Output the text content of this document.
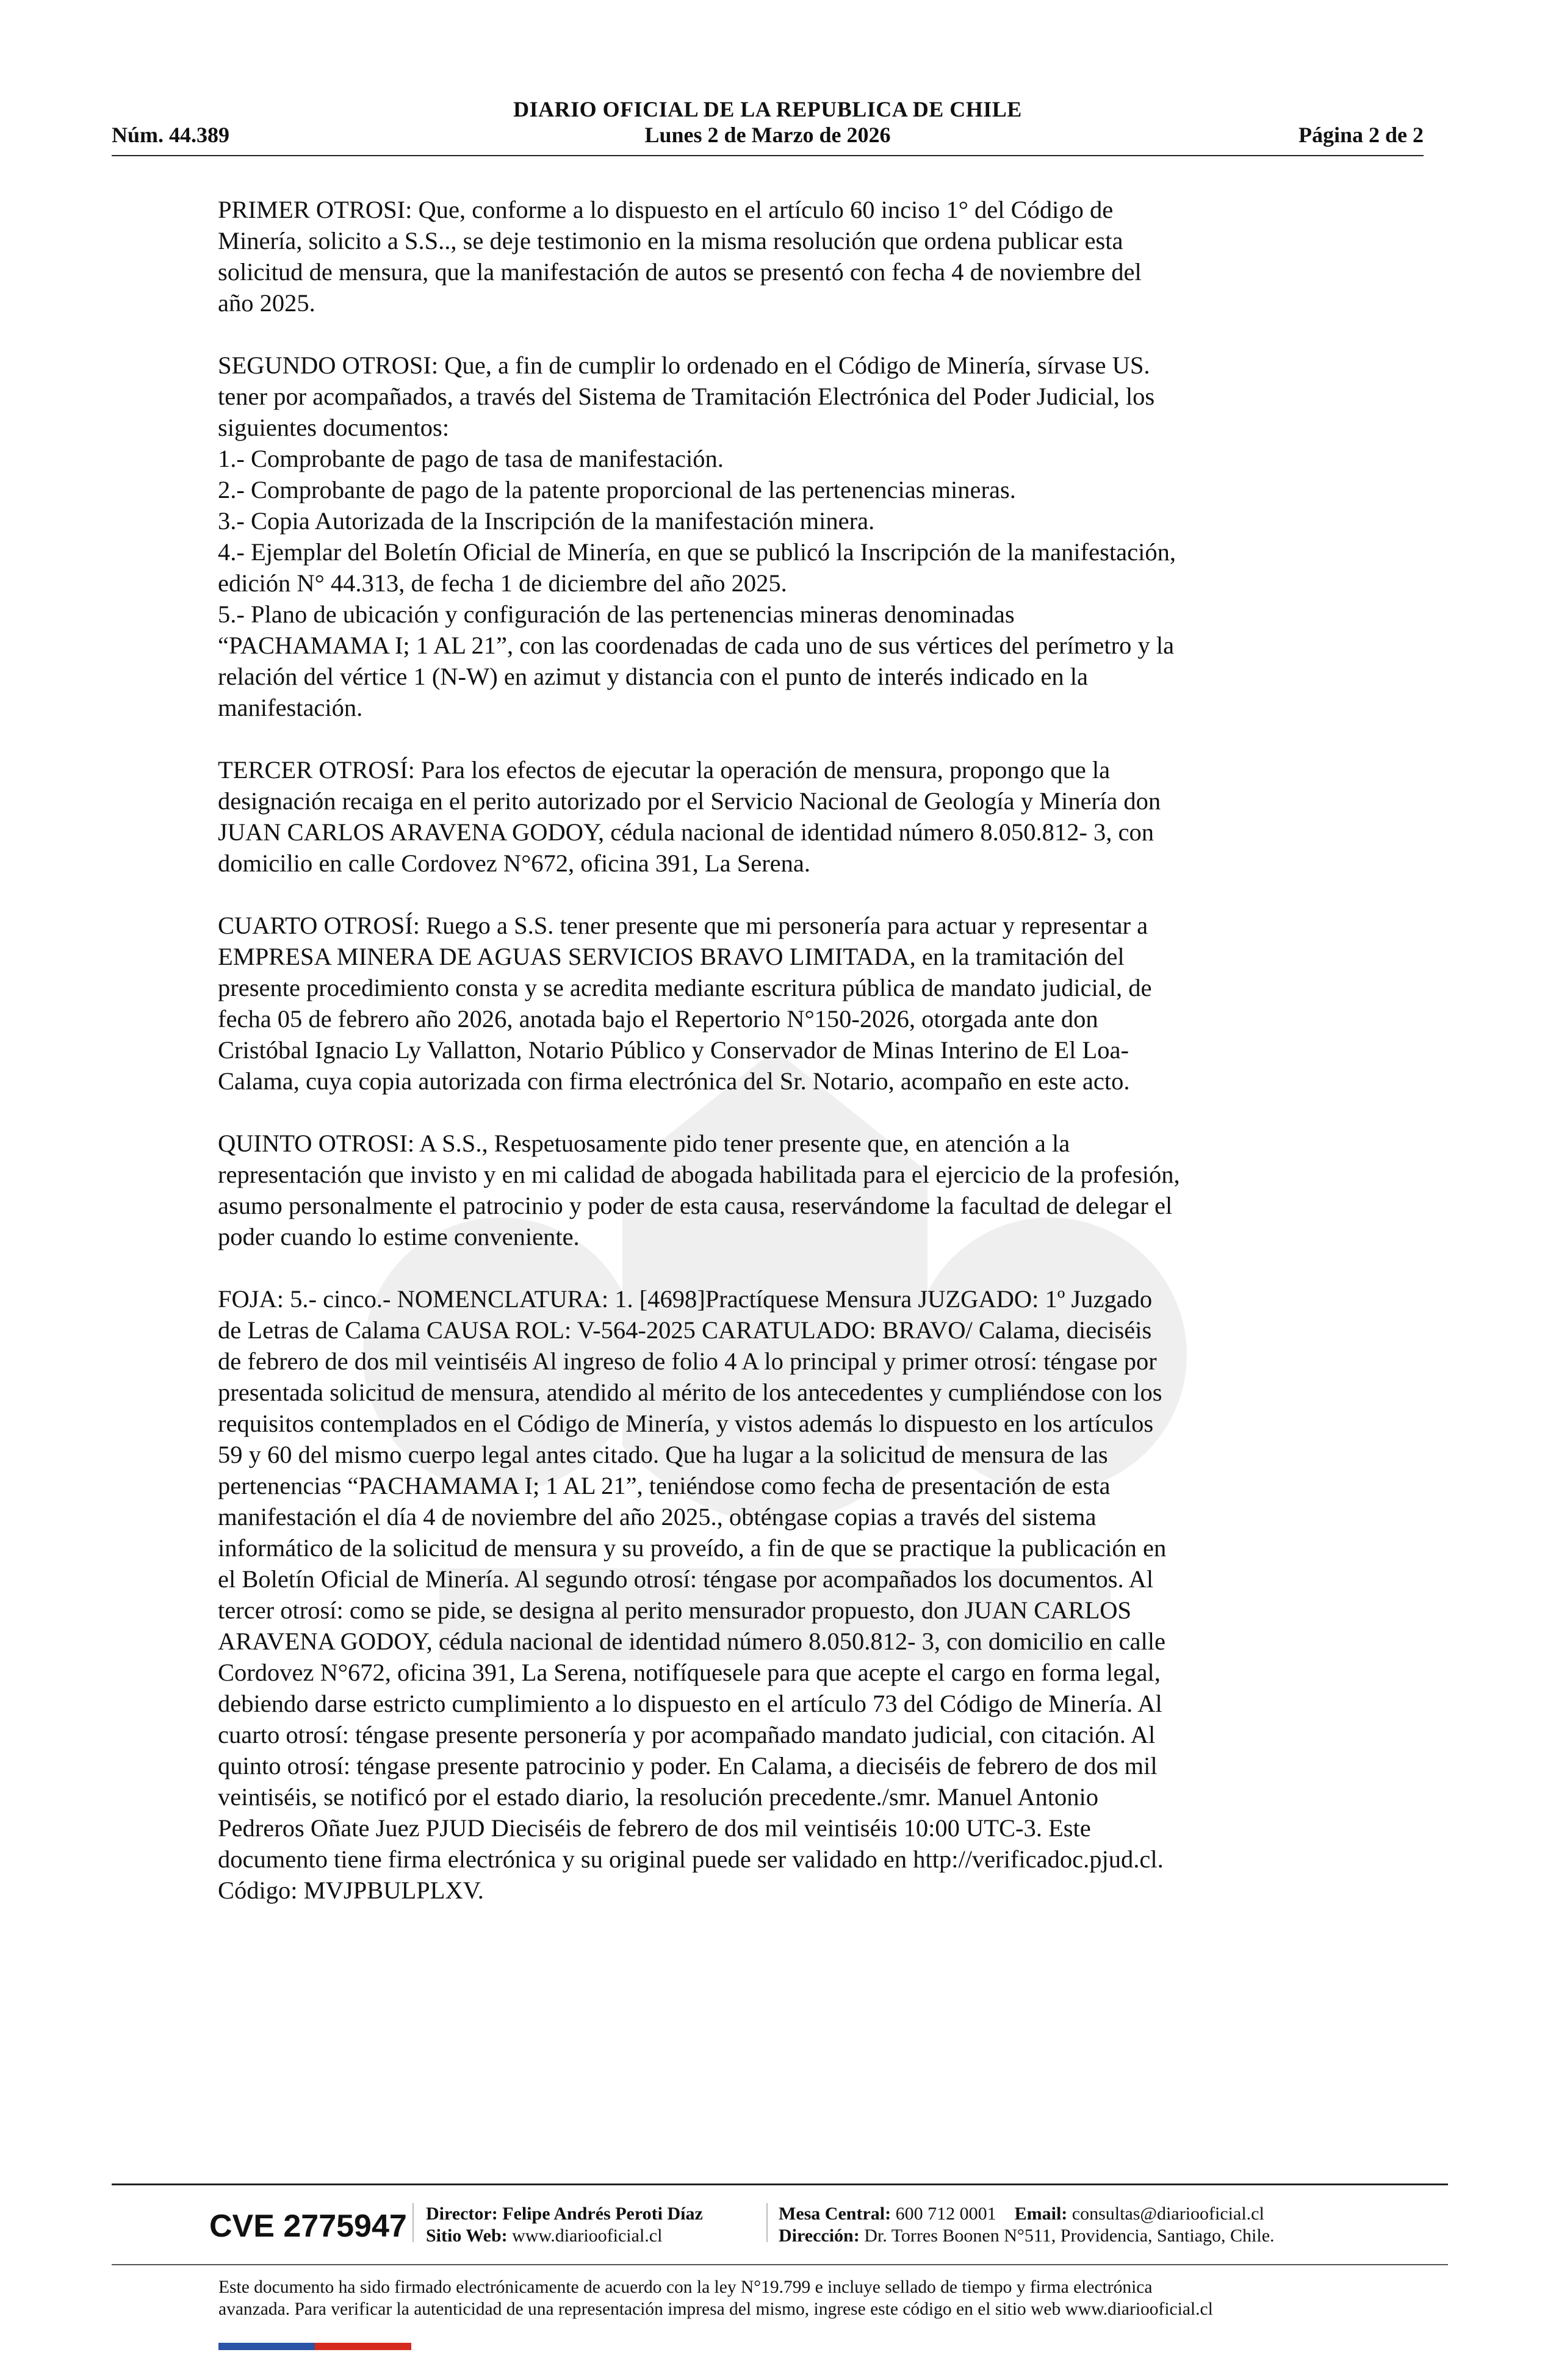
DIARIO OFICIAL DE LA REPUBLICA DE CHILE
Núm. 44.389	Lunes 2 de Marzo de 2026	Página 2 de 2

PRIMER OTROSI: Que, conforme a lo dispuesto en el artículo 60 inciso 1° del Código de
Minería, solicito a S.S.., se deje testimonio en la misma resolución que ordena publicar esta
solicitud de mensura, que la manifestación de autos se presentó con fecha 4 de noviembre del
año 2025.

SEGUNDO OTROSI: Que, a fin de cumplir lo ordenado en el Código de Minería, sírvase US.
tener por acompañados, a través del Sistema de Tramitación Electrónica del Poder Judicial, los
siguientes documentos:

1.- Comprobante de pago de tasa de manifestación.
2.- Comprobante de pago de la patente proporcional de las pertenencias mineras.
3.- Copia Autorizada de la Inscripción de la manifestación minera.
4.- Ejemplar del Boletín Oficial de Minería, en que se publicó la Inscripción de la manifestación,
edición N° 44.313, de fecha 1 de diciembre del año 2025.
5.- Plano de ubicación y configuración de las pertenencias mineras denominadas
“PACHAMAMA I; 1 AL 21”, con las coordenadas de cada uno de sus vértices del perímetro y la
relación del vértice 1 (N-W) en azimut y distancia con el punto de interés indicado en la
manifestación.

TERCER OTROSÍ: Para los efectos de ejecutar la operación de mensura, propongo que la
designación recaiga en el perito autorizado por el Servicio Nacional de Geología y Minería don
JUAN CARLOS ARAVENA GODOY, cédula nacional de identidad número 8.050.812- 3, con
domicilio en calle Cordovez N°672, oficina 391, La Serena.

CUARTO OTROSÍ: Ruego a S.S. tener presente que mi personería para actuar y representar a
EMPRESA MINERA DE AGUAS SERVICIOS BRAVO LIMITADA, en la tramitación del
presente procedimiento consta y se acredita mediante escritura pública de mandato judicial, de
fecha 05 de febrero año 2026, anotada bajo el Repertorio N°150-2026, otorgada ante don
Cristóbal Ignacio Ly Vallatton, Notario Público y Conservador de Minas Interino de El Loa-
Calama, cuya copia autorizada con firma electrónica del Sr. Notario, acompaño en este acto.

QUINTO OTROSI: A S.S., Respetuosamente pido tener presente que, en atención a la
representación que invisto y en mi calidad de abogada habilitada para el ejercicio de la profesión,
asumo personalmente el patrocinio y poder de esta causa, reservándome la facultad de delegar el
poder cuando lo estime conveniente.

FOJA: 5.- cinco.- NOMENCLATURA: 1. [4698]Practíquese Mensura JUZGADO: 1º Juzgado
de Letras de Calama CAUSA ROL: V-564-2025 CARATULADO: BRAVO/ Calama, dieciséis
de febrero de dos mil veintiséis Al ingreso de folio 4 A lo principal y primer otrosí: téngase por
presentada solicitud de mensura, atendido al mérito de los antecedentes y cumpliéndose con los
requisitos contemplados en el Código de Minería, y vistos además lo dispuesto en los artículos
59 y 60 del mismo cuerpo legal antes citado. Que ha lugar a la solicitud de mensura de las
pertenencias “PACHAMAMA I; 1 AL 21”, teniéndose como fecha de presentación de esta
manifestación el día 4 de noviembre del año 2025., obténgase copias a través del sistema
informático de la solicitud de mensura y su proveído, a fin de que se practique la publicación en
el Boletín Oficial de Minería. Al segundo otrosí: téngase por acompañados los documentos. Al
tercer otrosí: como se pide, se designa al perito mensurador propuesto, don JUAN CARLOS
ARAVENA GODOY, cédula nacional de identidad número 8.050.812- 3, con domicilio en calle
Cordovez N°672, oficina 391, La Serena, notifíquesele para que acepte el cargo en forma legal,
debiendo darse estricto cumplimiento a lo dispuesto en el artículo 73 del Código de Minería. Al
cuarto otrosí: téngase presente personería y por acompañado mandato judicial, con citación. Al
quinto otrosí: téngase presente patrocinio y poder. En Calama, a dieciséis de febrero de dos mil
veintiséis, se notificó por el estado diario, la resolución precedente./smr. Manuel Antonio
Pedreros Oñate Juez PJUD Dieciséis de febrero de dos mil veintiséis 10:00 UTC-3. Este
documento tiene firma electrónica y su original puede ser validado en http://verificadoc.pjud.cl.
Código: MVJPBULPLXV.

CVE 2775947	Director: Felipe Andrés Peroti Díaz
Sitio Web: www.diariooficial.cl
Mesa Central: 600 712 0001 Email: consultas@diariooficial.cl
Dirección: Dr. Torres Boonen N°511, Providencia, Santiago, Chile.
Este documento ha sido firmado electrónicamente de acuerdo con la ley N°19.799 e incluye sellado de tiempo y firma electrónica
avanzada. Para verificar la autenticidad de una representación impresa del mismo, ingrese este código en el sitio web www.diariooficial.cl
